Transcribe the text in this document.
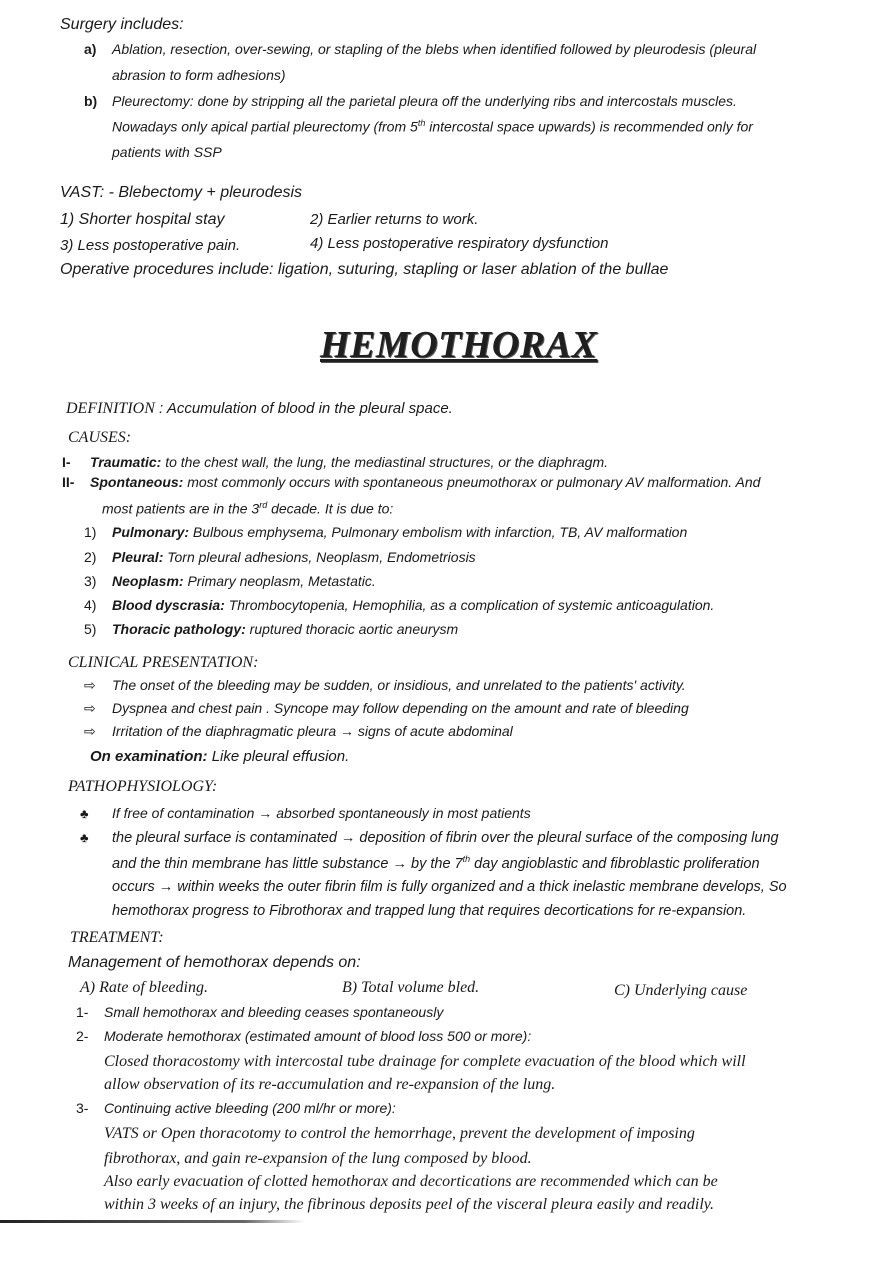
Surgery includes:
a) Ablation, resection, over-sewing, or stapling of the blebs when identified followed by pleurodesis (pleural
abrasion to form adhesions)
b) Pleurectomy: done by stripping all the parietal pleura off the underlying ribs and intercostals muscles.
Nowadays only apical partial pleurectomy (from 5th intercostal space upwards) is recommended only for
patients with SSP
VAST: - Blebectomy + pleurodesis
1) Shorter hospital stay	2) Earlier returns to work.
3) Less postoperative pain.	4) Less postoperative respiratory dysfunction
Operative procedures include: ligation, suturing, stapling or laser ablation of the bullae
HEMOTHORAX
DEFINITION : Accumulation of blood in the pleural space.
CAUSES:
I- Traumatic: to the chest wall, the lung, the mediastinal structures, or the diaphragm.
II- Spontaneous: most commonly occurs with spontaneous pneumothorax or pulmonary AV malformation. And
most patients are in the 3rd decade. It is due to:
1) Pulmonary: Bulbous emphysema, Pulmonary embolism with infarction, TB, AV malformation
2) Pleural: Torn pleural adhesions, Neoplasm, Endometriosis
3) Neoplasm: Primary neoplasm, Metastatic.
4) Blood dyscrasia: Thrombocytopenia, Hemophilia, as a complication of systemic anticoagulation.
5) Thoracic pathology: ruptured thoracic aortic aneurysm
CLINICAL PRESENTATION:
⇨ The onset of the bleeding may be sudden, or insidious, and unrelated to the patients' activity.
⇨ Dyspnea and chest pain . Syncope may follow depending on the amount and rate of bleeding
⇨ Irritation of the diaphragmatic pleura → signs of acute abdominal
On examination: Like pleural effusion.
PATHOPHYSIOLOGY:
♣ If free of contamination → absorbed spontaneously in most patients
♣ the pleural surface is contaminated → deposition of fibrin over the pleural surface of the composing lung
and the thin membrane has little substance → by the 7th day angioblastic and fibroblastic proliferation
occurs → within weeks the outer fibrin film is fully organized and a thick inelastic membrane develops, So
hemothorax progress to Fibrothorax and trapped lung that requires decortications for re-expansion.
TREATMENT:
Management of hemothorax depends on:
A) Rate of bleeding.	B) Total volume bled.	C) Underlying cause
1- Small hemothorax and bleeding ceases spontaneously
2- Moderate hemothorax (estimated amount of blood loss 500 or more):
Closed thoracostomy with intercostal tube drainage for complete evacuation of the blood which will
allow observation of its re-accumulation and re-expansion of the lung.
3- Continuing active bleeding (200 ml/hr or more):
VATS or Open thoracotomy to control the hemorrhage, prevent the development of imposing
fibrothorax, and gain re-expansion of the lung composed by blood.
Also early evacuation of clotted hemothorax and decortications are recommended which can be
within 3 weeks of an injury, the fibrinous deposits peel of the visceral pleura easily and readily.
